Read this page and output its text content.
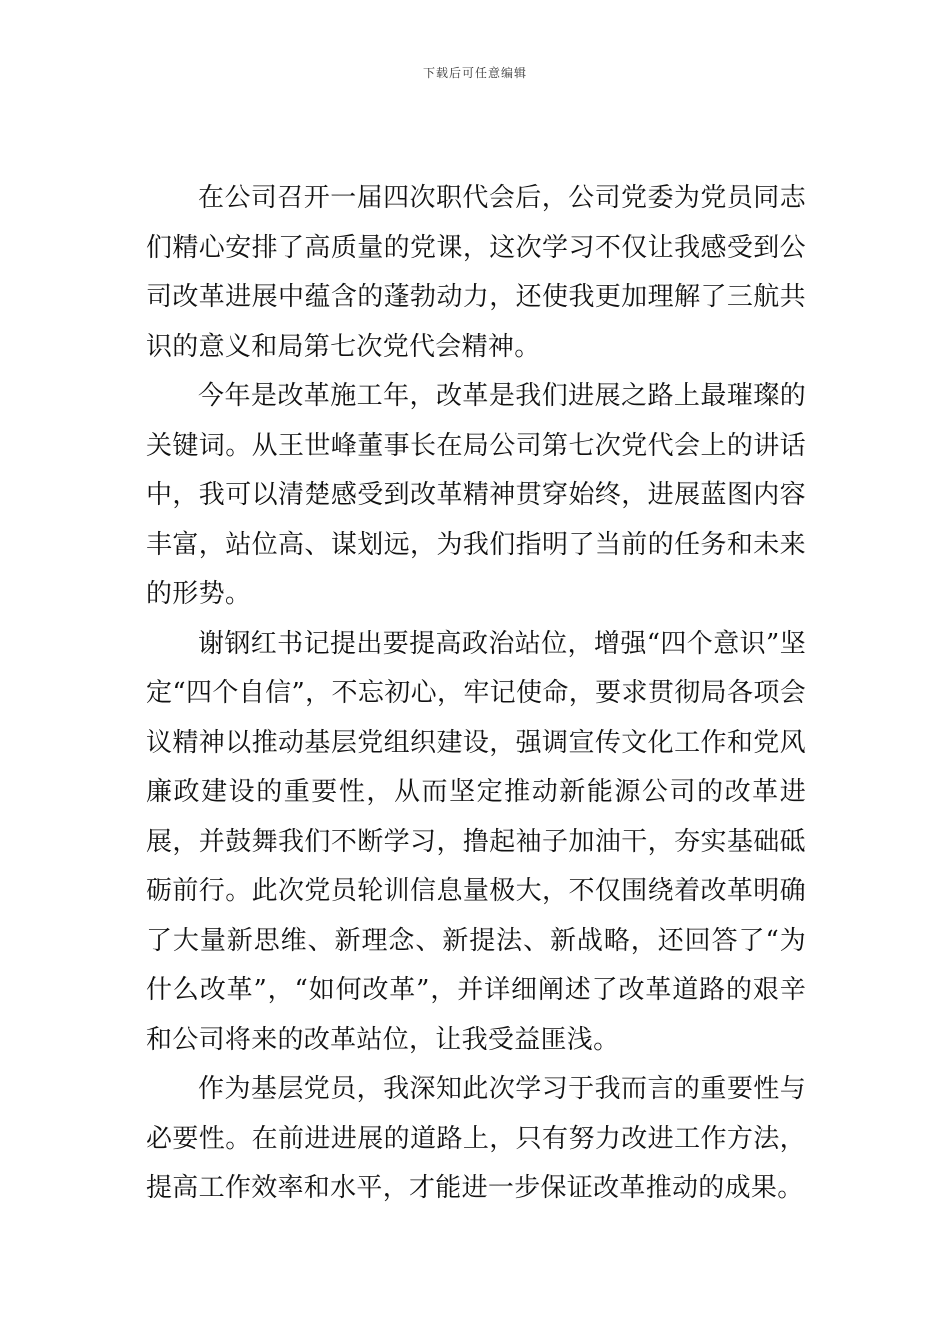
下载后可任意编辑

在公司召开一届四次职代会后，公司党委为党员同志们精心安排了高质量的党课，这次学习不仅让我感受到公司改革进展中蕴含的蓬勃动力，还使我更加理解了三航共识的意义和局第七次党代会精神。

今年是改革施工年，改革是我们进展之路上最璀璨的关键词。从王世峰董事长在局公司第七次党代会上的讲话中，我可以清楚感受到改革精神贯穿始终，进展蓝图内容丰富，站位高、谋划远，为我们指明了当前的任务和未来的形势。

谢钢红书记提出要提高政治站位，增强“四个意识”坚定“四个自信”，不忘初心，牢记使命，要求贯彻局各项会议精神以推动基层党组织建设，强调宣传文化工作和党风廉政建设的重要性，从而坚定推动新能源公司的改革进展，并鼓舞我们不断学习，撸起袖子加油干，夯实基础砥砺前行。此次党员轮训信息量极大，不仅围绕着改革明确了大量新思维、新理念、新提法、新战略，还回答了“为什么改革”，“如何改革”，并详细阐述了改革道路的艰辛和公司将来的改革站位，让我受益匪浅。

作为基层党员，我深知此次学习于我而言的重要性与必要性。在前进进展的道路上，只有努力改进工作方法，提高工作效率和水平，才能进一步保证改革推动的成果。
